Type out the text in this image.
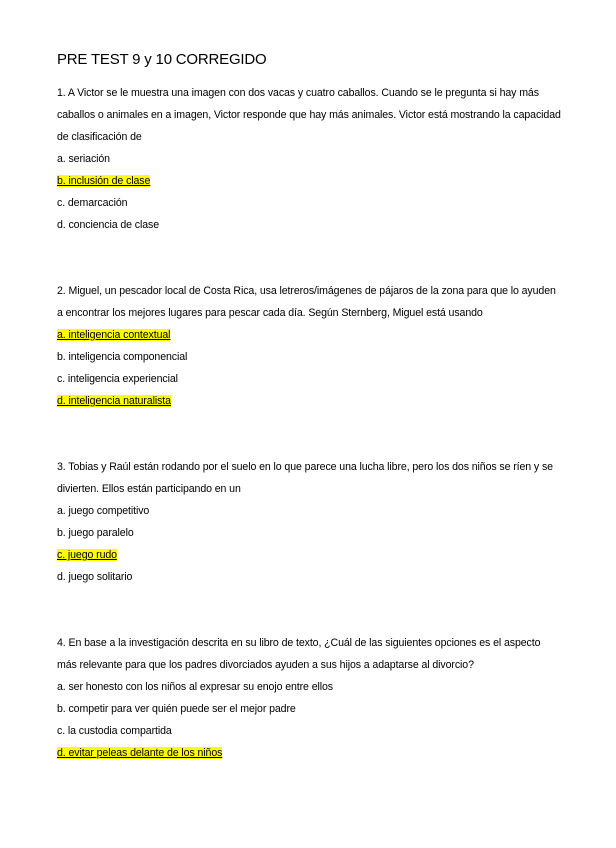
PRE TEST 9 y 10 CORREGIDO

1. A Victor se le muestra una imagen con dos vacas y cuatro caballos. Cuando se le pregunta si hay más caballos o animales en a imagen, Victor responde que hay más animales. Victor está mostrando la capacidad de clasificación de

a. seriación

b. inclusión de clase

c. demarcación

d. conciencia de clase

2. Miguel, un pescador local de Costa Rica, usa letreros/imágenes de pájaros de la zona para que lo ayuden a encontrar los mejores lugares para pescar cada día. Según Sternberg, Miguel está usando

a. inteligencia contextual

b. inteligencia componencial

c. inteligencia experiencial

d. inteligencia naturalista

3. Tobias y Raúl están rodando por el suelo en lo que parece una lucha libre, pero los dos niños se ríen y se divierten. Ellos están participando en un

a. juego competitivo

b. juego paralelo

c. juego rudo

d. juego solitario

4. En base a la investigación descrita en su libro de texto, ¿Cuál de las siguientes opciones es el aspecto más relevante para que los padres divorciados ayuden a sus hijos a adaptarse al divorcio?

a. ser honesto con los niños al expresar su enojo entre ellos

b. competir para ver quién puede ser el mejor padre

c. la custodia compartida

d. evitar peleas delante de los niños
